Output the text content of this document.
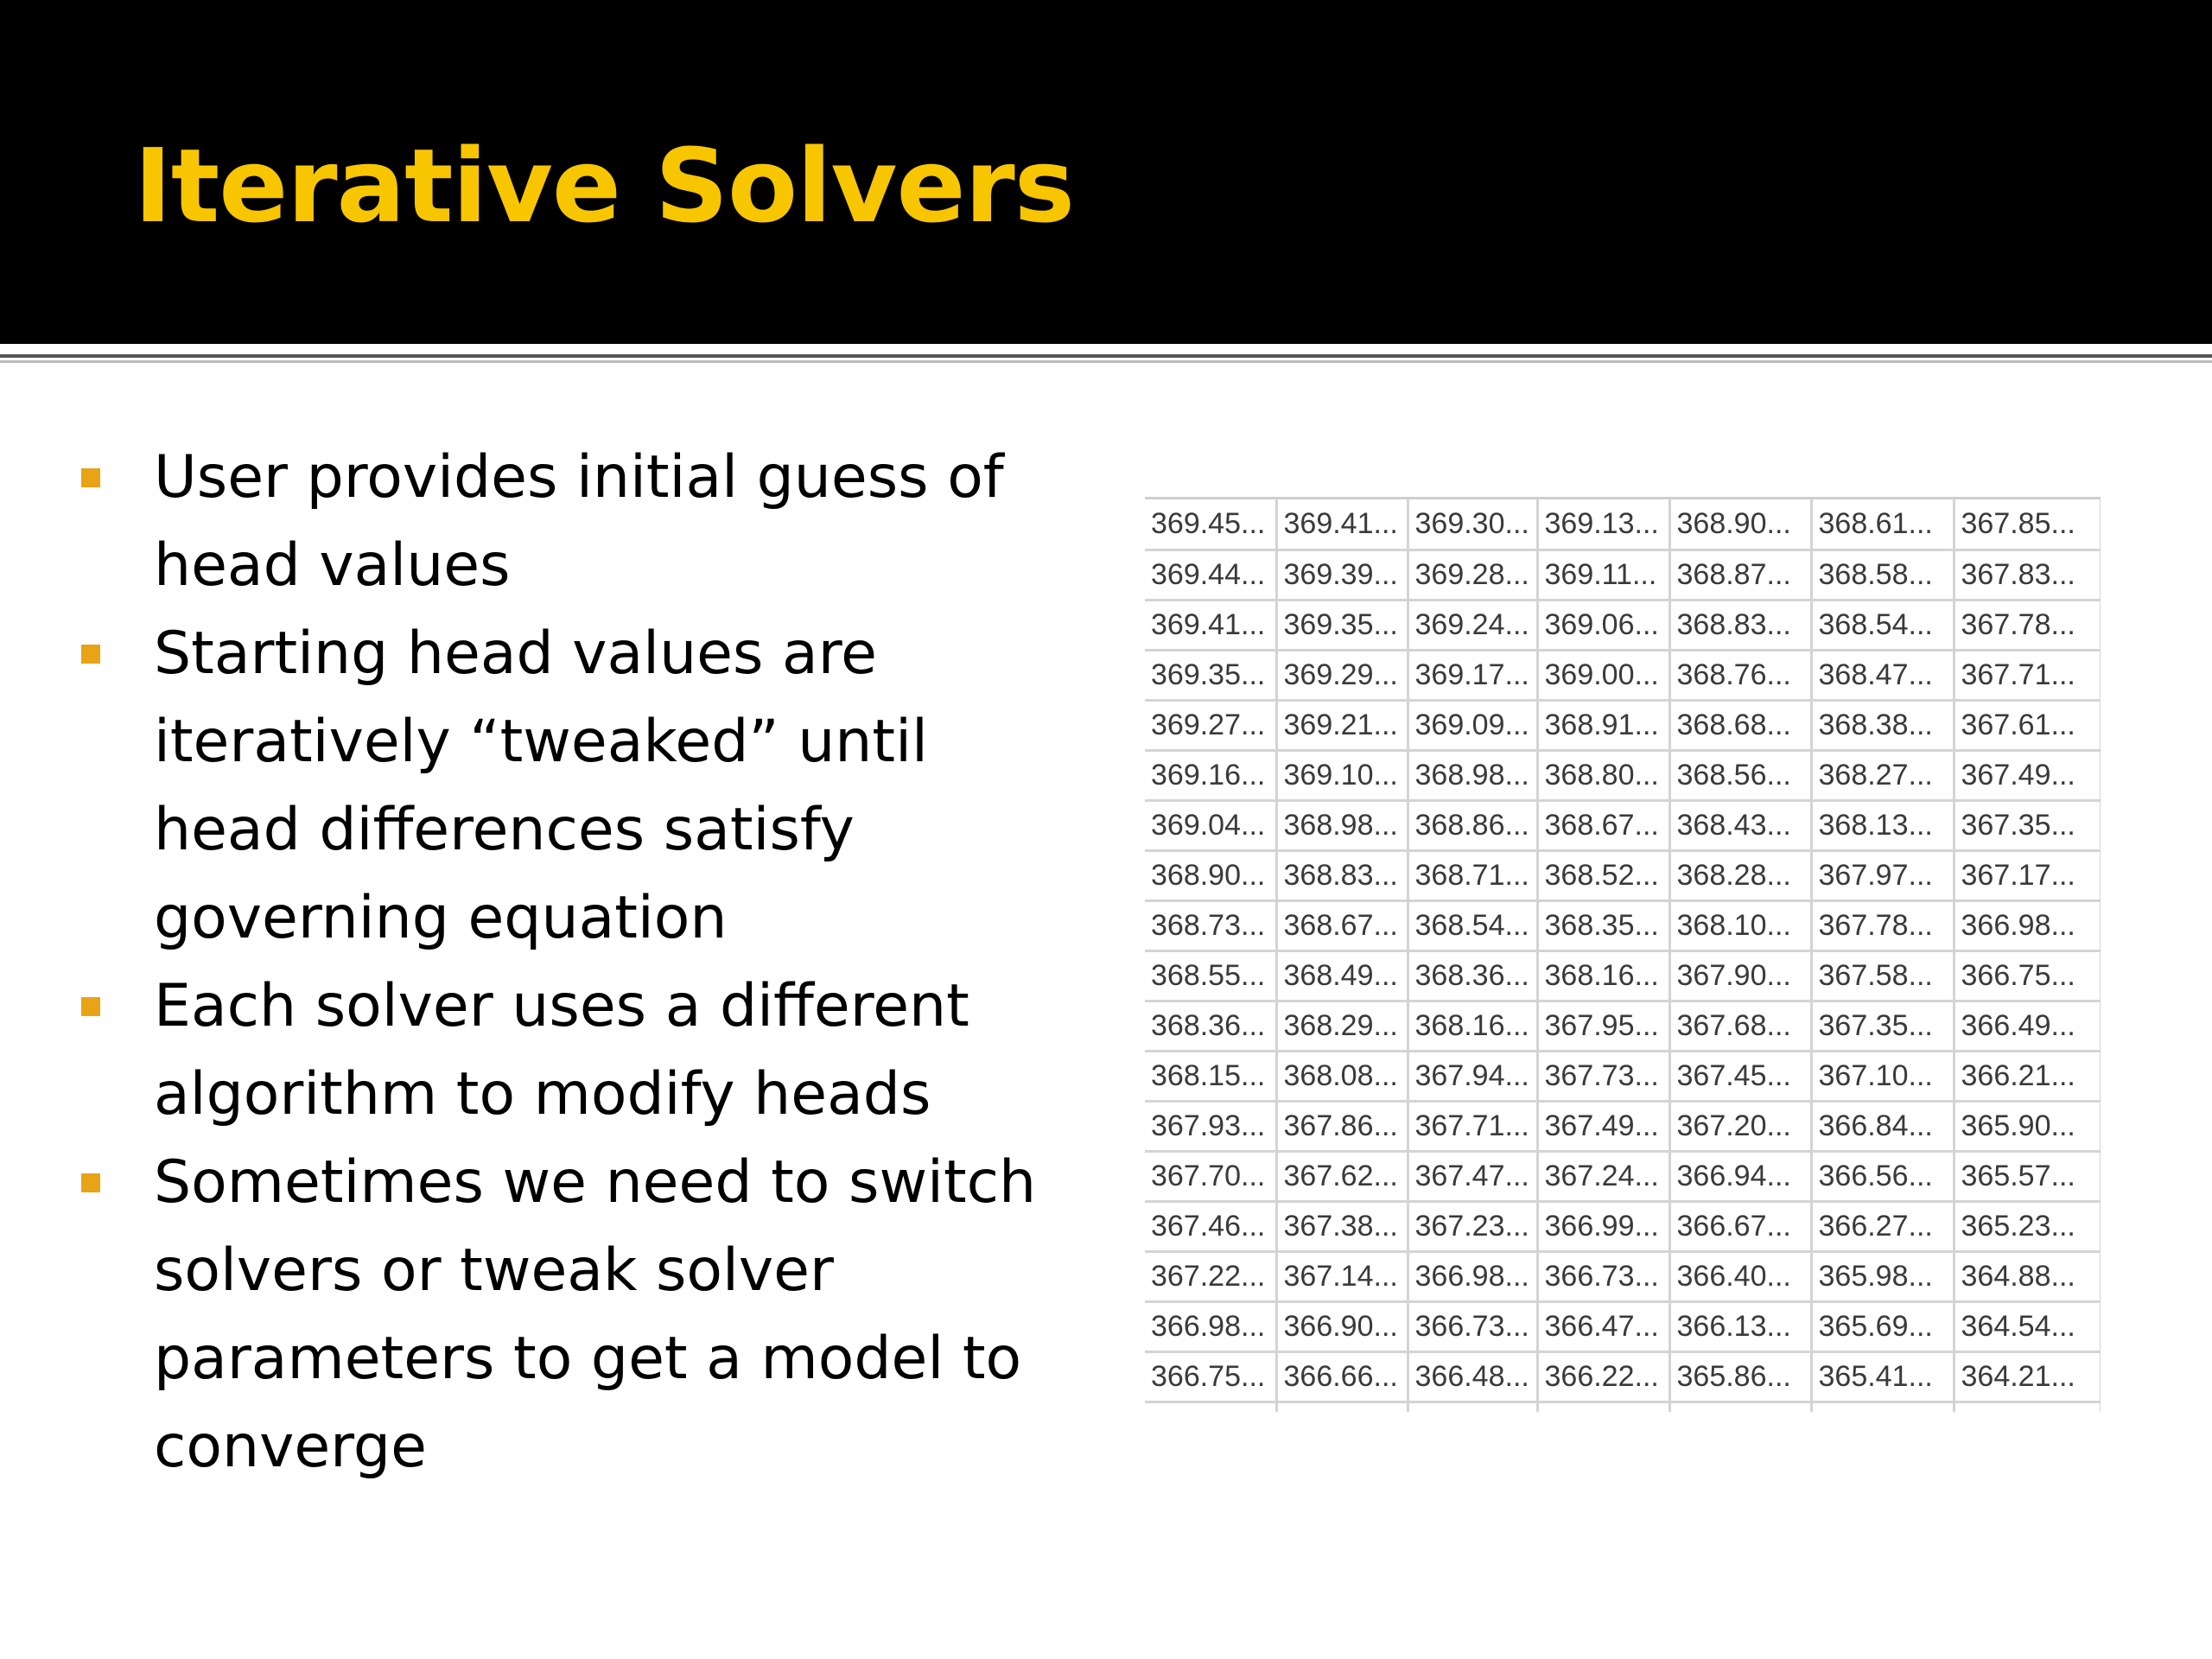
Iterative Solvers
User provides initial guess of head values
Starting head values are iteratively “tweaked” until head differences satisfy governing equation
Each solver uses a different algorithm to modify heads
Sometimes we need to switch solvers or tweak solver parameters to get a model to converge
369.45...	369.41...	369.30...	369.13...	368.90...	368.61...	367.85...
369.44...	369.39...	369.28...	369.11...	368.87...	368.58...	367.83...
369.41...	369.35...	369.24...	369.06...	368.83...	368.54...	367.78...
369.35...	369.29...	369.17...	369.00...	368.76...	368.47...	367.71...
369.27...	369.21...	369.09...	368.91...	368.68...	368.38...	367.61...
369.16...	369.10...	368.98...	368.80...	368.56...	368.27...	367.49...
369.04...	368.98...	368.86...	368.67...	368.43...	368.13...	367.35...
368.90...	368.83...	368.71...	368.52...	368.28...	367.97...	367.17...
368.73...	368.67...	368.54...	368.35...	368.10...	367.78...	366.98...
368.55...	368.49...	368.36...	368.16...	367.90...	367.58...	366.75...
368.36...	368.29...	368.16...	367.95...	367.68...	367.35...	366.49...
368.15...	368.08...	367.94...	367.73...	367.45...	367.10...	366.21...
367.93...	367.86...	367.71...	367.49...	367.20...	366.84...	365.90...
367.70...	367.62...	367.47...	367.24...	366.94...	366.56...	365.57...
367.46...	367.38...	367.23...	366.99...	366.67...	366.27...	365.23...
367.22...	367.14...	366.98...	366.73...	366.40...	365.98...	364.88...
366.98...	366.90...	366.73...	366.47...	366.13...	365.69...	364.54...
366.75...	366.66...	366.48...	366.22...	365.86...	365.41...	364.21...
